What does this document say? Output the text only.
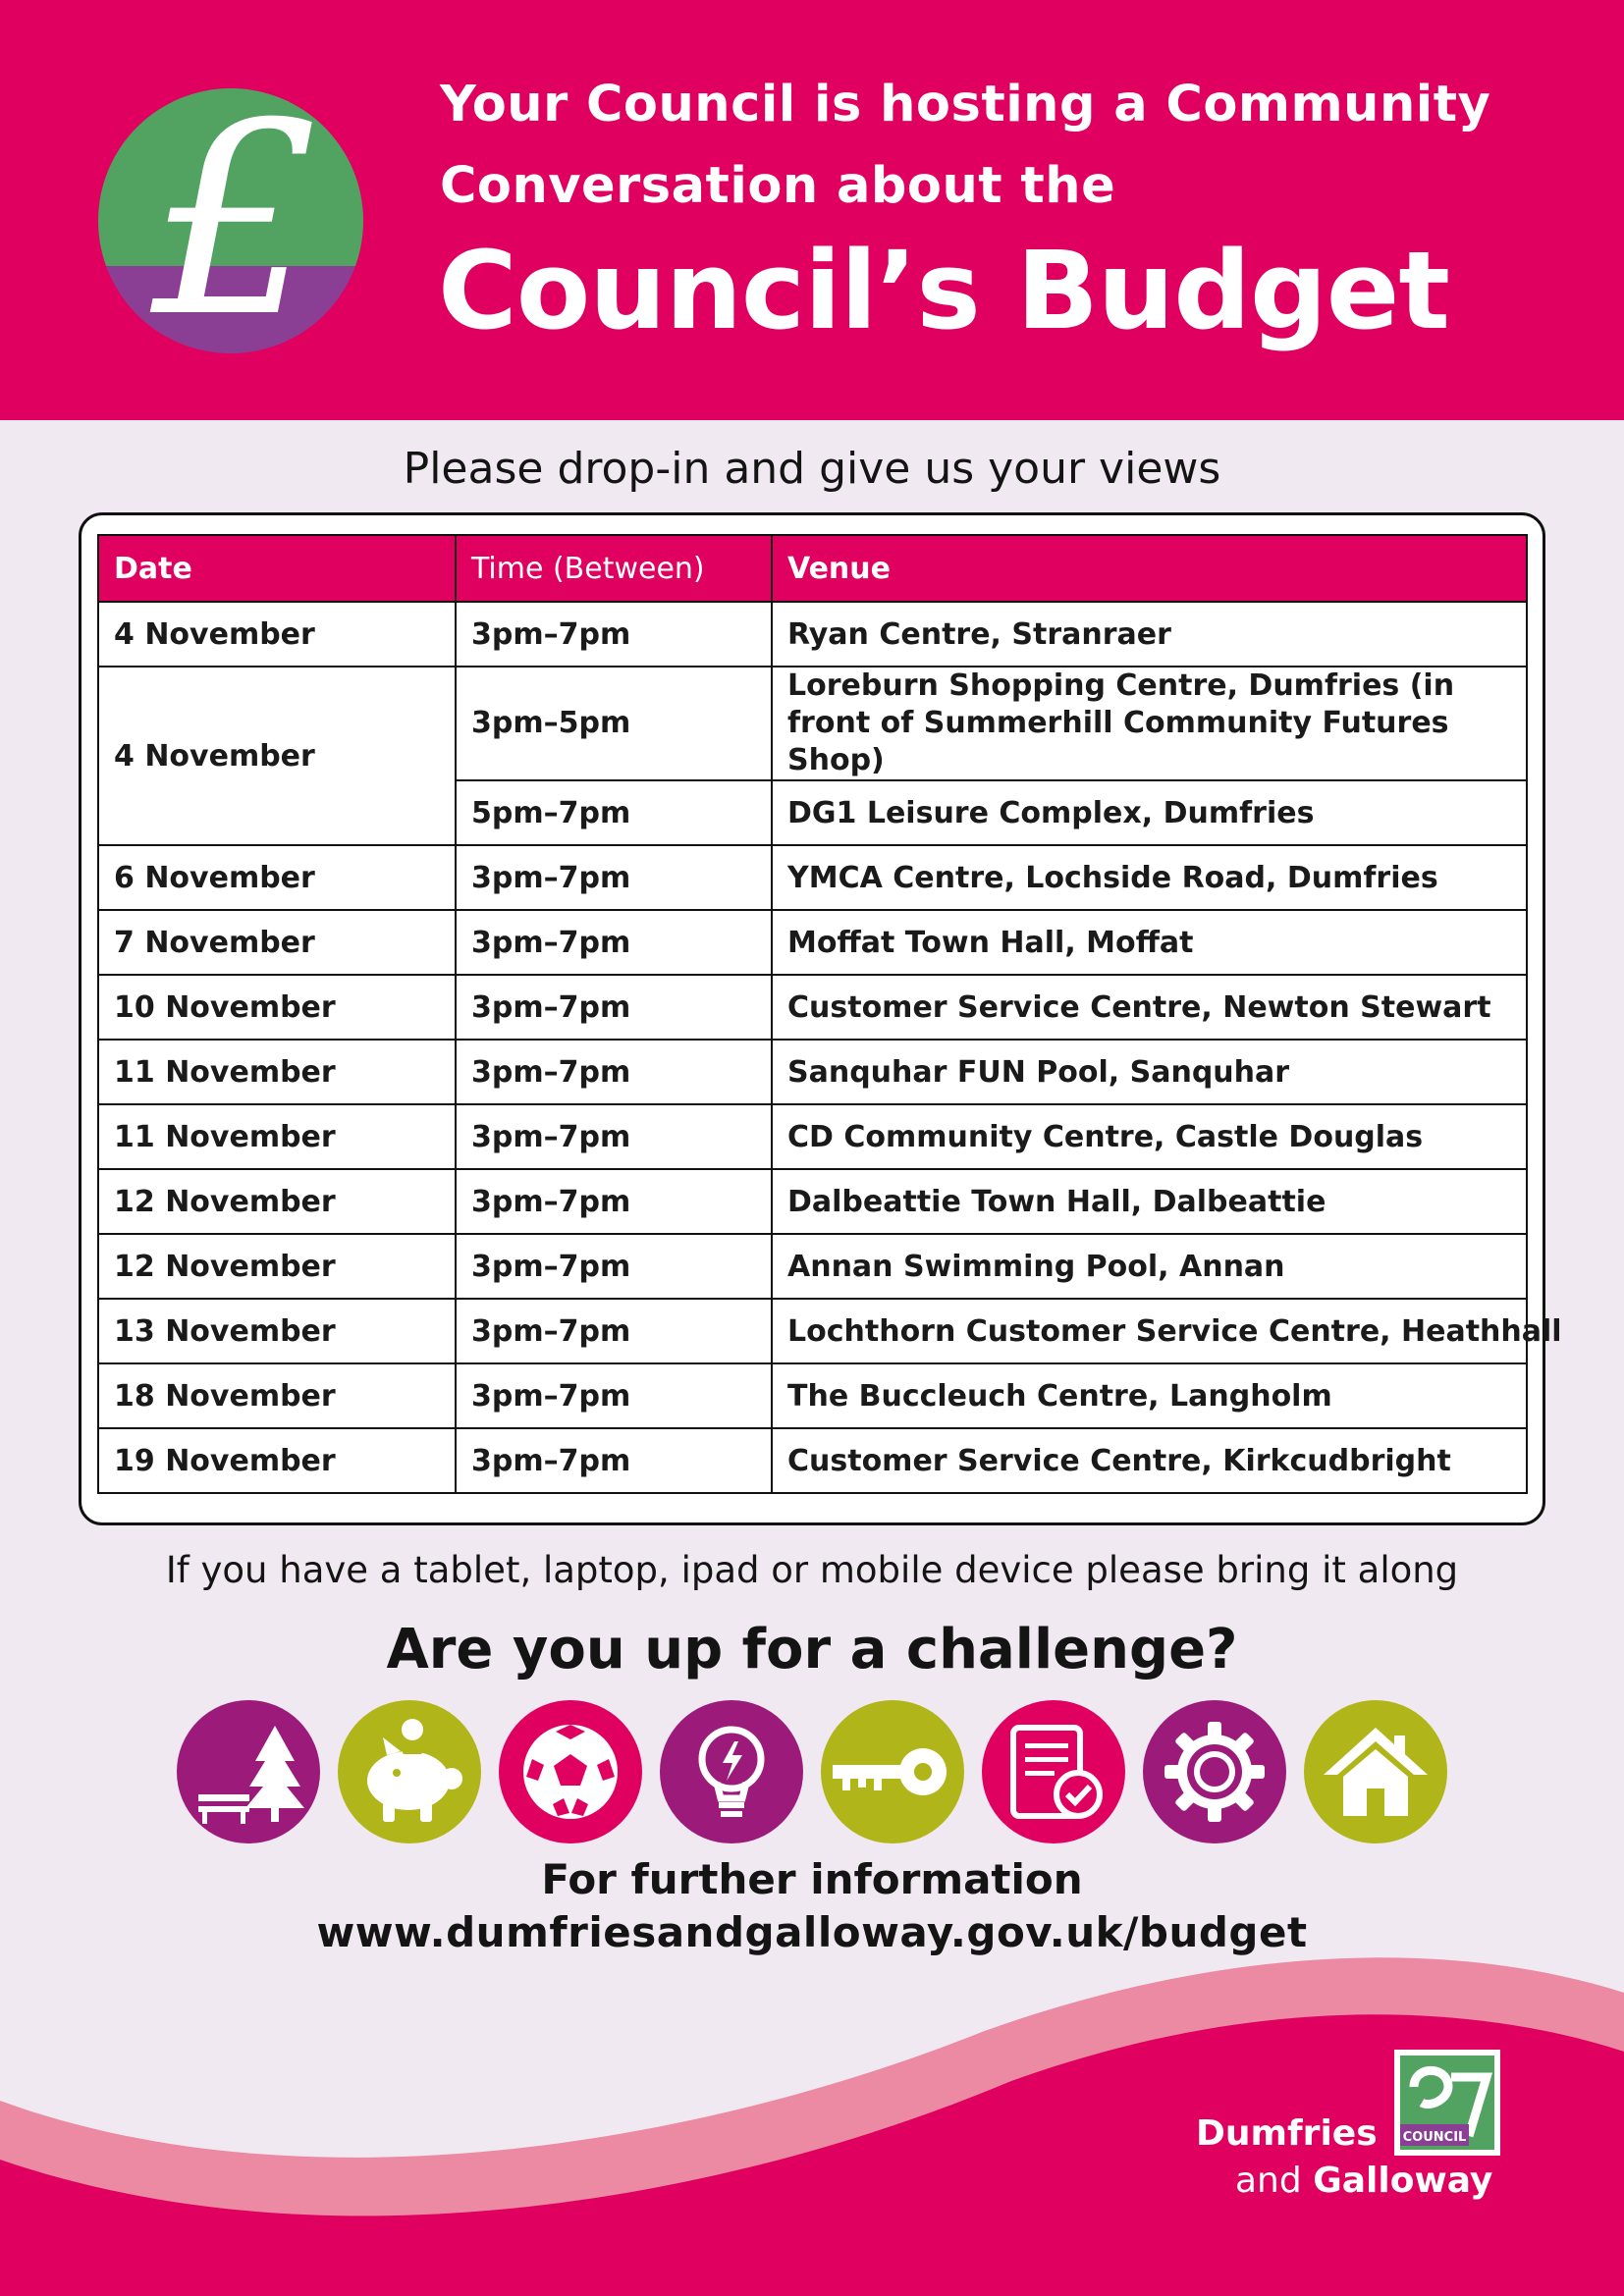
£ Your Council is hosting a Community
Conversation about the
Council’s Budget
Please drop-in and give us your views
Date	Time (Between)	Venue
4 November	3pm–7pm	Ryan Centre, Stranraer
4 November	3pm–5pm	Loreburn Shopping Centre, Dumfries (in front of Summerhill Community Futures Shop)
	5pm–7pm	DG1 Leisure Complex, Dumfries
6 November	3pm–7pm	YMCA Centre, Lochside Road, Dumfries
7 November	3pm–7pm	Moffat Town Hall, Moffat
10 November	3pm–7pm	Customer Service Centre, Newton Stewart
11 November	3pm–7pm	Sanquhar FUN Pool, Sanquhar
11 November	3pm–7pm	CD Community Centre, Castle Douglas
12 November	3pm–7pm	Dalbeattie Town Hall, Dalbeattie
12 November	3pm–7pm	Annan Swimming Pool, Annan
13 November	3pm–7pm	Lochthorn Customer Service Centre, Heathhall
18 November	3pm–7pm	The Buccleuch Centre, Langholm
19 November	3pm–7pm	Customer Service Centre, Kirkcudbright
If you have a tablet, laptop, ipad or mobile device please bring it along
Are you up for a challenge?
For further information
www.dumfriesandgalloway.gov.uk/budget
COUNCIL
Dumfries
and Galloway
